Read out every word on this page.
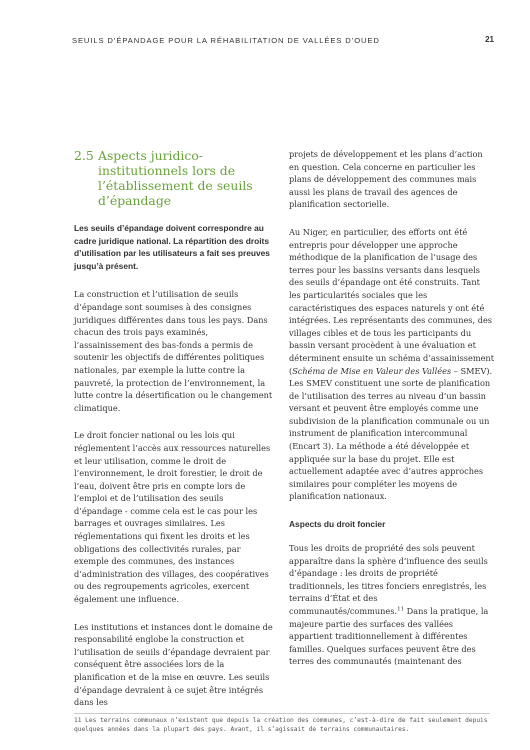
SEUILS D’ÉPANDAGE POUR LA RÉHABILITATION DE VALLÉES D’OUED	21
2.5 Aspects juridico-institutionnels lors de l’établissement de seuils d’épandage

Les seuils d’épandage doivent correspondre au cadre juridique national. La répartition des droits d’utilisation par les utilisateurs a fait ses preuves jusqu’à présent.

La construction et l’utilisation de seuils d’épandage sont soumises à des consignes juridiques différentes dans tous les pays. Dans chacun des trois pays examinés, l’assainissement des bas-fonds a permis de soutenir les objectifs de différentes politiques nationales, par exemple la lutte contre la pauvreté, la protection de l’environnement, la lutte contre la désertification ou le changement climatique.

Le droit foncier national ou les lois qui réglementent l’accès aux ressources naturelles et leur utilisation, comme le droit de l’environnement, le droit forestier, le droit de l’eau, doivent être pris en compte lors de l’emploi et de l’utilisation des seuils d’épandage - comme cela est le cas pour les barrages et ouvrages similaires. Les réglementations qui fixent les droits et les obligations des collectivités rurales, par exemple des communes, des instances d’administration des villages, des coopératives ou des regroupements agricoles, exercent également une influence.

Les institutions et instances dont le domaine de responsabilité englobe la construction et l’utilisation de seuils d’épandage devraient par conséquent être associées lors de la planification et de la mise en œuvre. Les seuils d’épandage devraient à ce sujet être intégrés dans les

projets de développement et les plans d’action en question. Cela concerne en particulier les plans de développement des communes mais aussi les plans de travail des agences de planification sectorielle.

Au Niger, en particulier, des efforts ont été entrepris pour développer une approche méthodique de la planification de l’usage des terres pour les bassins versants dans lesquels des seuils d’épandage ont été construits. Tant les particularités sociales que les caractéristiques des espaces naturels y ont été intégrées. Les représentants des communes, des villages cibles et de tous les participants du bassin versant procèdent à une évaluation et déterminent ensuite un schéma d’assainissement (Schéma de Mise en Valeur des Vallées – SMEV). Les SMEV constituent une sorte de planification de l’utilisation des terres au niveau d’un bassin versant et peuvent être employés comme une subdivision de la planification communale ou un instrument de planification intercommunal (Encart 3). La méthode a été développée et appliquée sur la base du projet. Elle est actuellement adaptée avec d’autres approches similaires pour compléter les moyens de planification nationaux.

Aspects du droit foncier

Tous les droits de propriété des sols peuvent apparaître dans la sphère d’influence des seuils d’épandage : les droits de propriété traditionnels, les titres fonciers enregistrés, les terrains d’État et des communautés/communes.$^{11}$ Dans la pratique, la majeure partie des surfaces des vallées appartient traditionnellement à différentes familles. Quelques surfaces peuvent être des terres des communautés (maintenant des

11 Les terrains communaux n’existent que depuis la création des communes, c’est-à-dire de fait seulement depuis quelques années dans la plupart des pays. Avant, il s’agissait de terrains communautaires.
